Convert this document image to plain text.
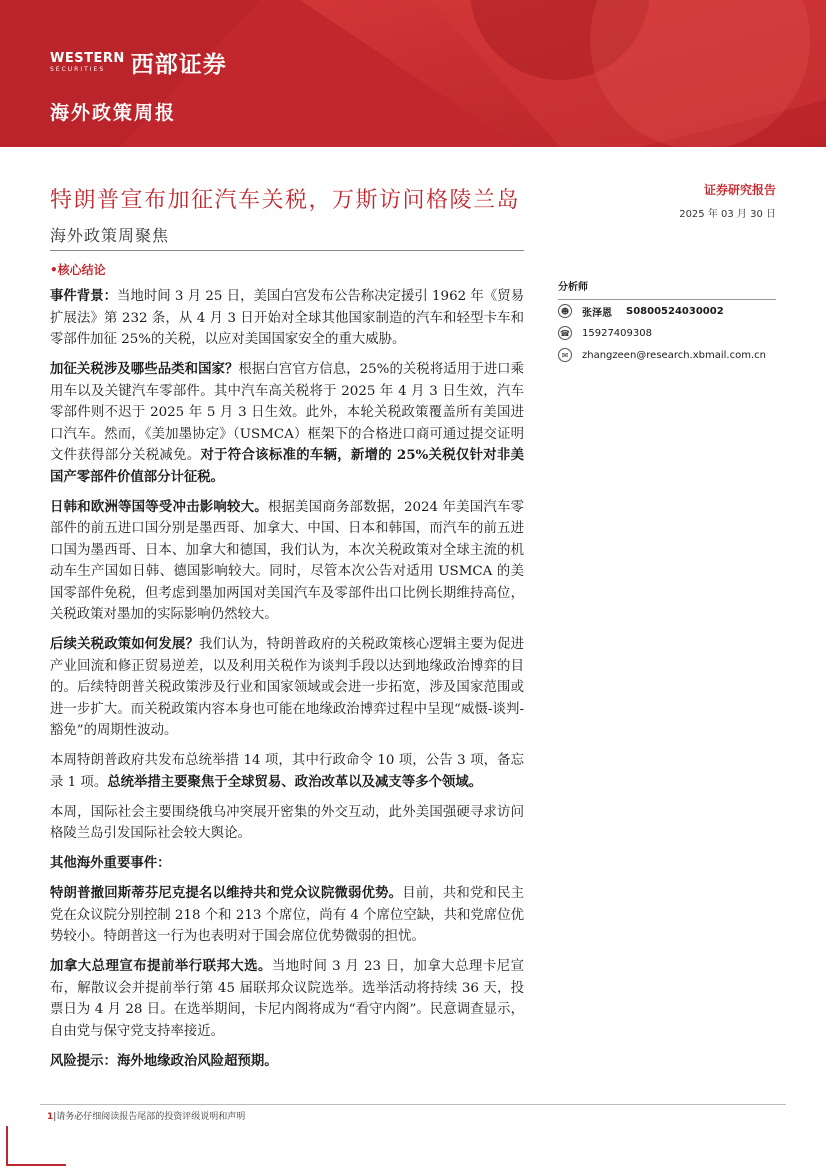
WESTERN
SECURITIES	西部证券
海外政策周报
特朗普宣布加征汽车关税，万斯访问格陵兰岛
海外政策周聚焦
证券研究报告
2025 年 03 月 30 日
•核心结论

事件背景：当地时间 3 月 25 日，美国白宫发布公告称决定援引 1962 年《贸易扩展法》第 232 条，从 4 月 3 日开始对全球其他国家制造的汽车和轻型卡车和零部件加征 25%的关税，以应对美国国家安全的重大威胁。

加征关税涉及哪些品类和国家？根据白宫官方信息，25%的关税将适用于进口乘用车以及关键汽车零部件。其中汽车高关税将于 2025 年 4 月 3 日生效，汽车零部件则不迟于 2025 年 5 月 3 日生效。此外，本轮关税政策覆盖所有美国进口汽车。然而，《美加墨协定》（USMCA）框架下的合格进口商可通过提交证明文件获得部分关税减免。对于符合该标准的车辆，新增的 25%关税仅针对非美国产零部件价值部分计征税。

日韩和欧洲等国等受冲击影响较大。根据美国商务部数据，2024 年美国汽车零部件的前五进口国分别是墨西哥、加拿大、中国、日本和韩国，而汽车的前五进口国为墨西哥、日本、加拿大和德国，我们认为，本次关税政策对全球主流的机动车生产国如日韩、德国影响较大。同时，尽管本次公告对适用 USMCA 的美国零部件免税，但考虑到墨加两国对美国汽车及零部件出口比例长期维持高位，关税政策对墨加的实际影响仍然较大。

后续关税政策如何发展？我们认为，特朗普政府的关税政策核心逻辑主要为促进产业回流和修正贸易逆差，以及利用关税作为谈判手段以达到地缘政治博弈的目的。后续特朗普关税政策涉及行业和国家领域或会进一步拓宽，涉及国家范围或进一步扩大。而关税政策内容本身也可能在地缘政治博弈过程中呈现“威慑-谈判-豁免”的周期性波动。

本周特朗普政府共发布总统举措 14 项，其中行政命令 10 项，公告 3 项，备忘录 1 项。总统举措主要聚焦于全球贸易、政治改革以及减支等多个领域。

本周，国际社会主要围绕俄乌冲突展开密集的外交互动，此外美国强硬寻求访问格陵兰岛引发国际社会较大舆论。

其他海外重要事件：

特朗普撤回斯蒂芬尼克提名以维持共和党众议院微弱优势。目前，共和党和民主党在众议院分别控制 218 个和 213 个席位，尚有 4 个席位空缺，共和党席位优势较小。特朗普这一行为也表明对于国会席位优势微弱的担忧。

加拿大总理宣布提前举行联邦大选。当地时间 3 月 23 日，加拿大总理卡尼宣布，解散议会并提前举行第 45 届联邦众议院选举。选举活动将持续 36 天，投票日为 4 月 28 日。在选举期间，卡尼内阁将成为“看守内阁”。民意调查显示，自由党与保守党支持率接近。

风险提示：海外地缘政治风险超预期。

分析师
☻ 张泽恩 S0800524030002
☎ 15927409308
✉	zhangzeen@research.xbmail.com.cn
1|请务必仔细阅读报告尾部的投资评级说明和声明
